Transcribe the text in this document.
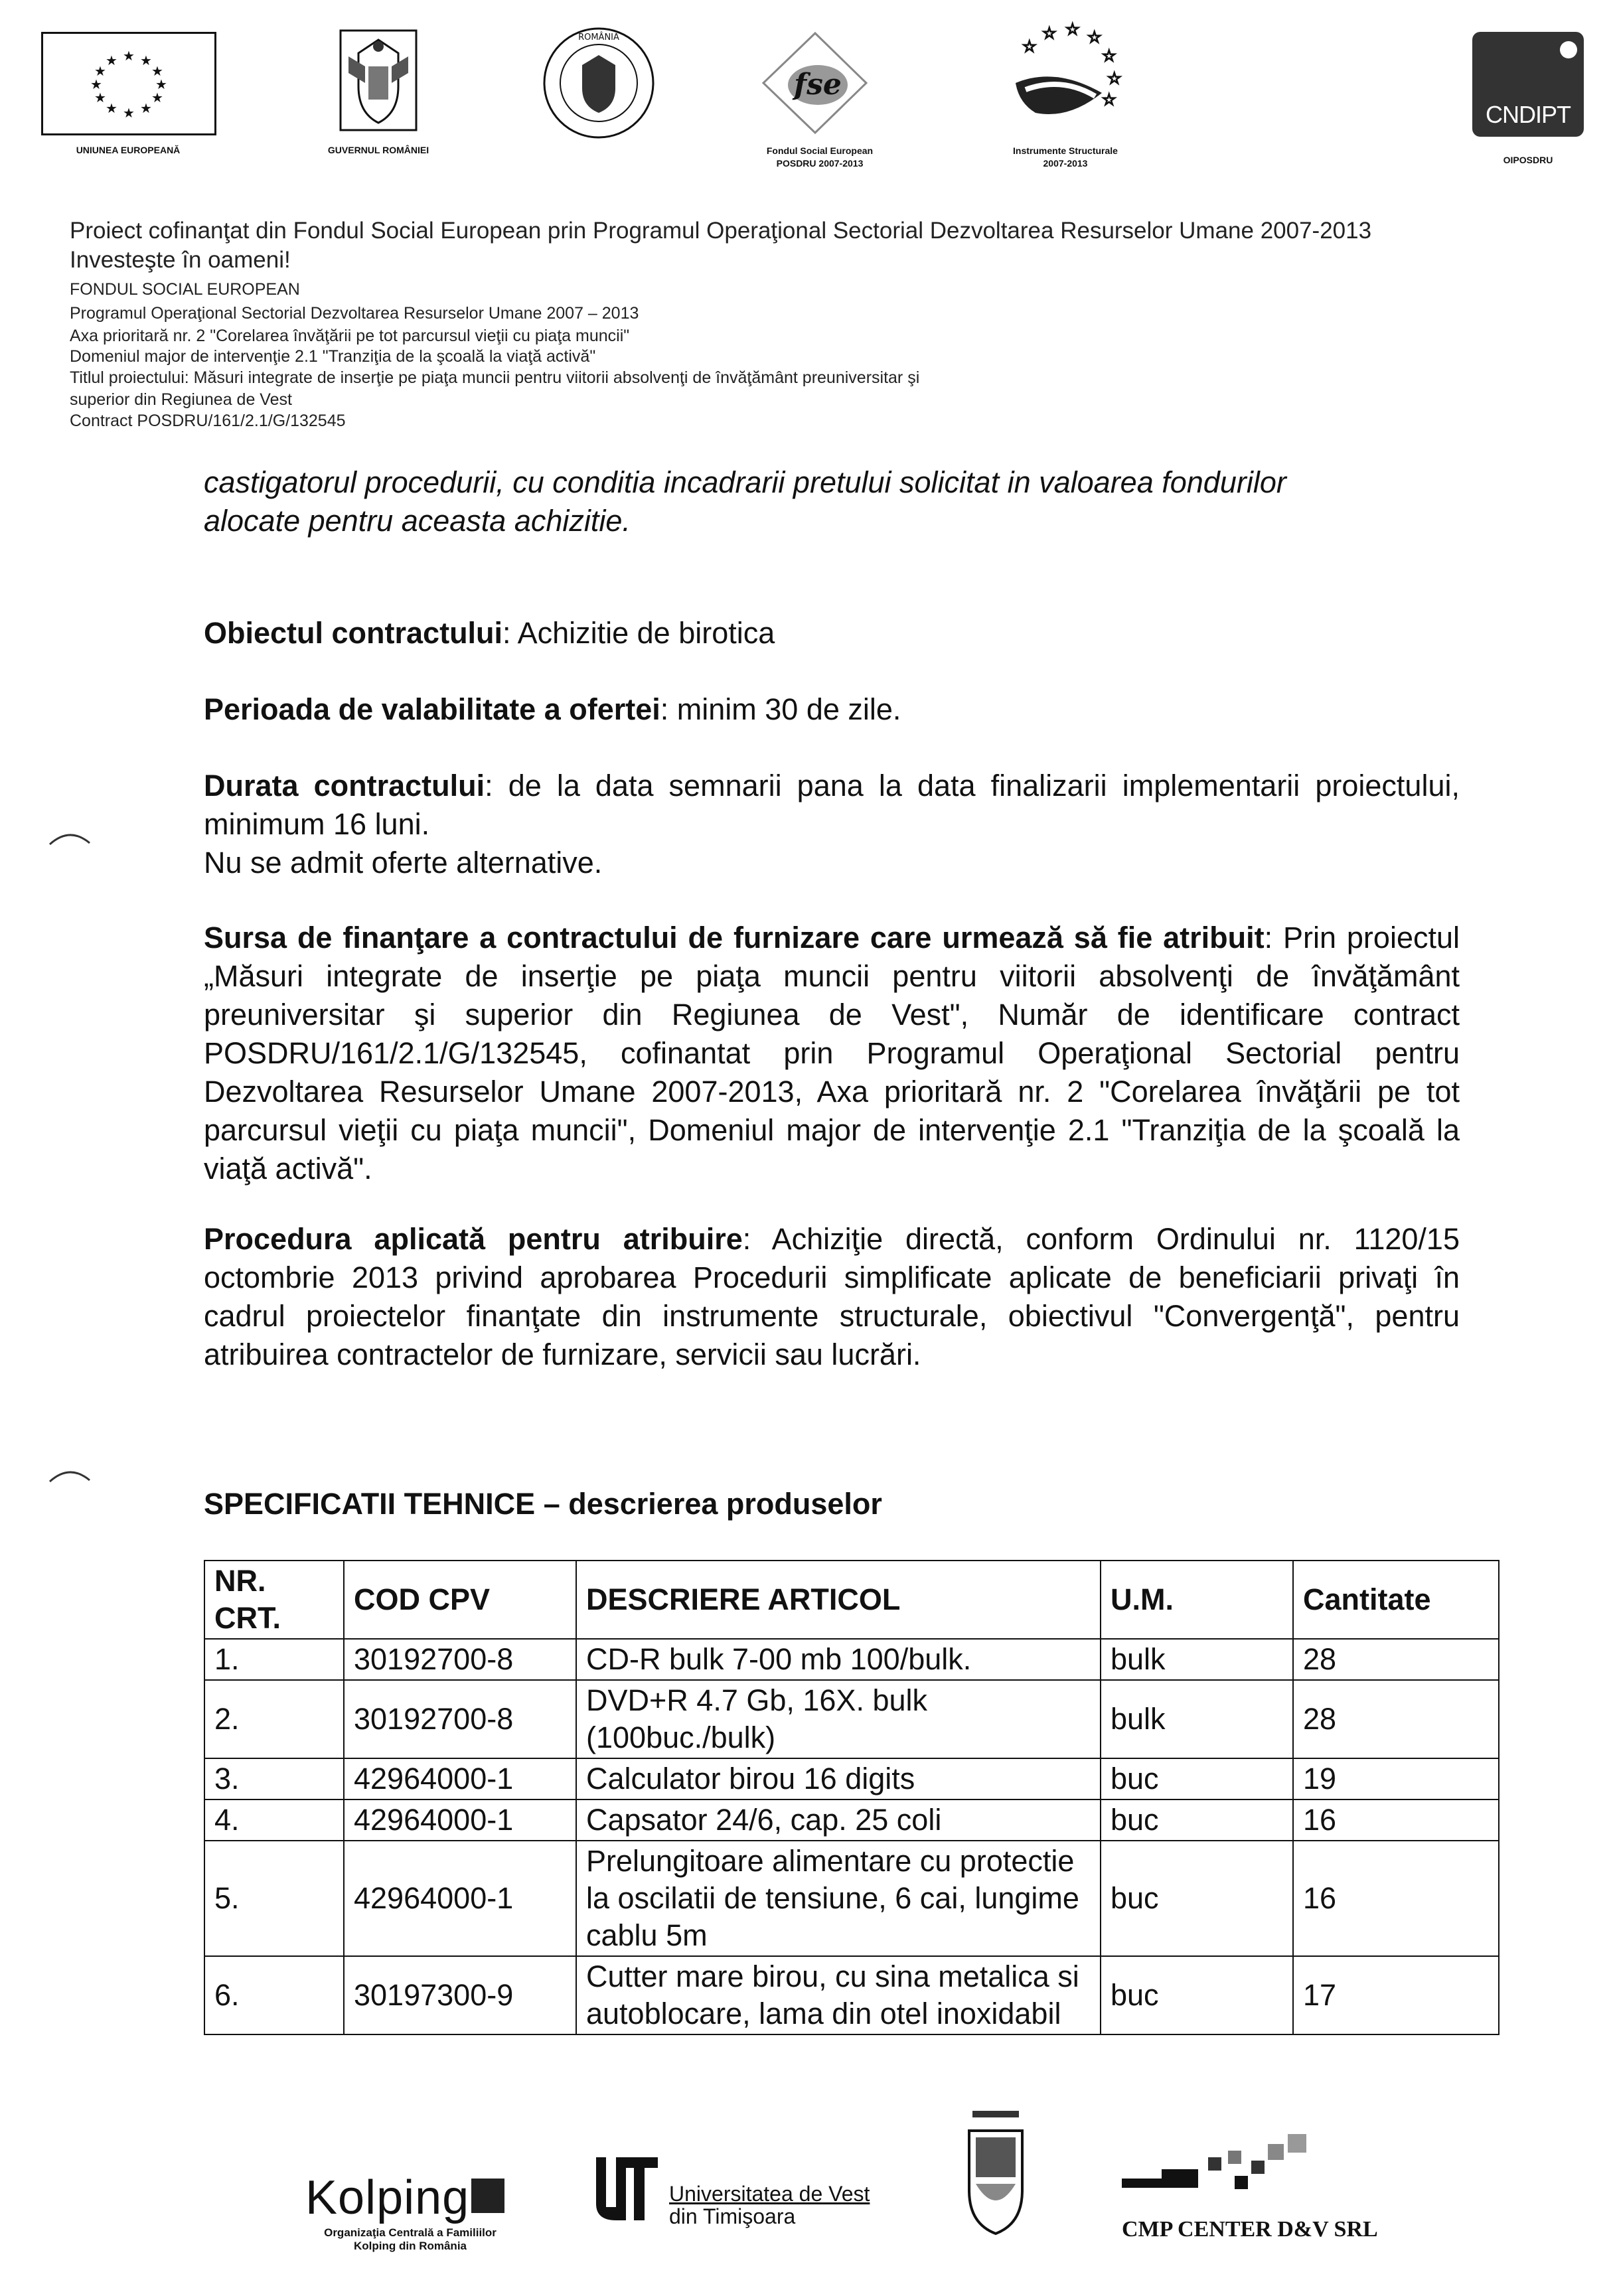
★ ★
★
★
★
★
★
★
★
★
★
★
UNIUNEA EUROPEANĂ	GUVERNUL ROMÂNIEI
ROMÂNIA
fse
Fondul Social European
POSDRU 2007-2013
☆ ☆ ☆
☆
☆
☆
☆
Instrumente Structurale
2007-2013
CNDIPT
OIPOSDRU
Proiect cofinanţat din Fondul Social European prin Programul Operaţional Sectorial Dezvoltarea Resurselor Umane 2007-2013
Investeşte în oameni!
FONDUL SOCIAL EUROPEAN
Programul Operaţional Sectorial Dezvoltarea Resurselor Umane 2007 – 2013
Axa prioritară nr. 2 "Corelarea învăţării pe tot parcursul vieţii cu piaţa muncii"
Domeniul major de intervenţie 2.1 "Tranziţia de la şcoală la viaţă activă"
Titlul proiectului: Măsuri integrate de inserţie pe piaţa muncii pentru viitorii absolvenţi de învăţământ preuniversitar şi
superior din Regiunea de Vest
Contract POSDRU/161/2.1/G/132545
castigatorul procedurii, cu conditia incadrarii pretului solicitat in valoarea fondurilor
alocate pentru aceasta achizitie.
Obiectul contractului: Achizitie de birotica
Perioada de valabilitate a ofertei: minim 30 de zile.
Durata contractului: de la data semnarii pana la data finalizarii implementarii proiectului, minimum 16 luni.
Nu se admit oferte alternative.
Sursa de finanţare a contractului de furnizare care urmează să fie atribuit: Prin proiectul „Măsuri integrate de inserţie pe piaţa muncii pentru viitorii absolvenţi de învăţământ preuniversitar şi superior din Regiunea de Vest", Număr de identificare contract POSDRU/161/2.1/G/132545, cofinantat prin Programul Operaţional Sectorial pentru Dezvoltarea Resurselor Umane 2007-2013, Axa prioritară nr. 2 "Corelarea învăţării pe tot parcursul vieţii cu piaţa muncii", Domeniul major de intervenţie 2.1 "Tranziţia de la şcoală la viaţă activă".
Procedura aplicată pentru atribuire: Achiziţie directă, conform Ordinului nr. 1120/15 octombrie 2013 privind aprobarea Procedurii simplificate aplicate de beneficiarii privaţi în cadrul proiectelor finanţate din instrumente structurale, obiectivul "Convergenţă", pentru atribuirea contractelor de furnizare, servicii sau lucrări.
SPECIFICATII TEHNICE – descrierea produselor
NR. CRT.	COD CPV	DESCRIERE ARTICOL	U.M.	Cantitate
1.	30192700-8	CD-R bulk 7-00 mb 100/bulk.	bulk	28
2.	30192700-8	DVD+R 4.7 Gb, 16X. bulk (100buc./bulk)	bulk	28
3.	42964000-1	Calculator birou 16 digits	buc	19
4.	42964000-1	Capsator 24/6, cap. 25 coli	buc	16
5.	42964000-1	Prelungitoare alimentare cu protectie la oscilatii de tensiune, 6 cai, lungime cablu 5m	buc	16
6.	30197300-9	Cutter mare birou, cu sina metalica si autoblocare, lama din otel inoxidabil	buc	17
Kolping
Organizaţia Centrală a Familiilor
Kolping din România
Universitatea de Vest
din Timişoara
CMP CENTER D&V SRL
